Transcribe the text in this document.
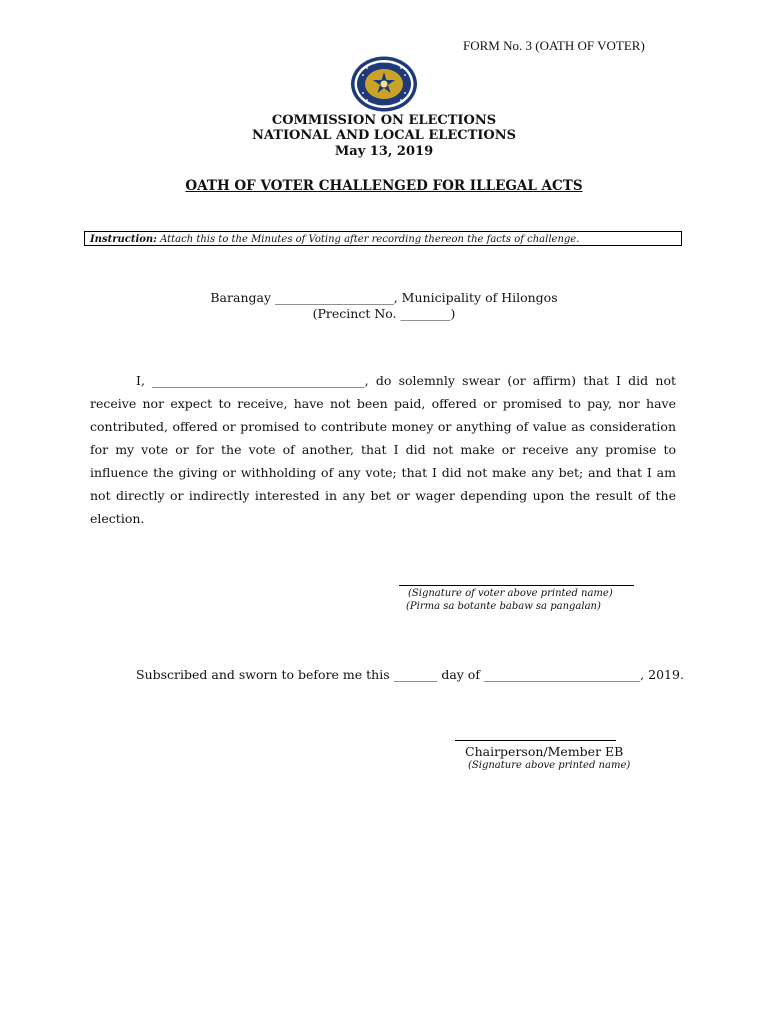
FORM No. 3 (OATH OF VOTER)
COMMISSION ON ELECTIONS
NATIONAL AND LOCAL ELECTIONS
May 13, 2019
OATH OF VOTER CHALLENGED FOR ILLEGAL ACTS
Instruction: Attach this to the Minutes of Voting after recording thereon the facts of challenge.
Barangay ___________________, Municipality of Hilongos
(Precinct No. ________)
I, __________________________________, do solemnly swear (or affirm) that I did not receive nor expect to receive, have not been paid, offered or promised to pay, nor have contributed, offered or promised to contribute money or anything of value as consideration for my vote or for the vote of another, that I did not make or receive any promise to influence the giving or withholding of any vote; that I did not make any bet; and that I am not directly or indirectly interested in any bet or wager depending upon the result of the election.
(Signature of voter above printed name)
(Pirma sa botante babaw sa pangalan)
Subscribed and sworn to before me this _______ day of _________________________, 2019.
Chairperson/Member EB
(Signature above printed name)
